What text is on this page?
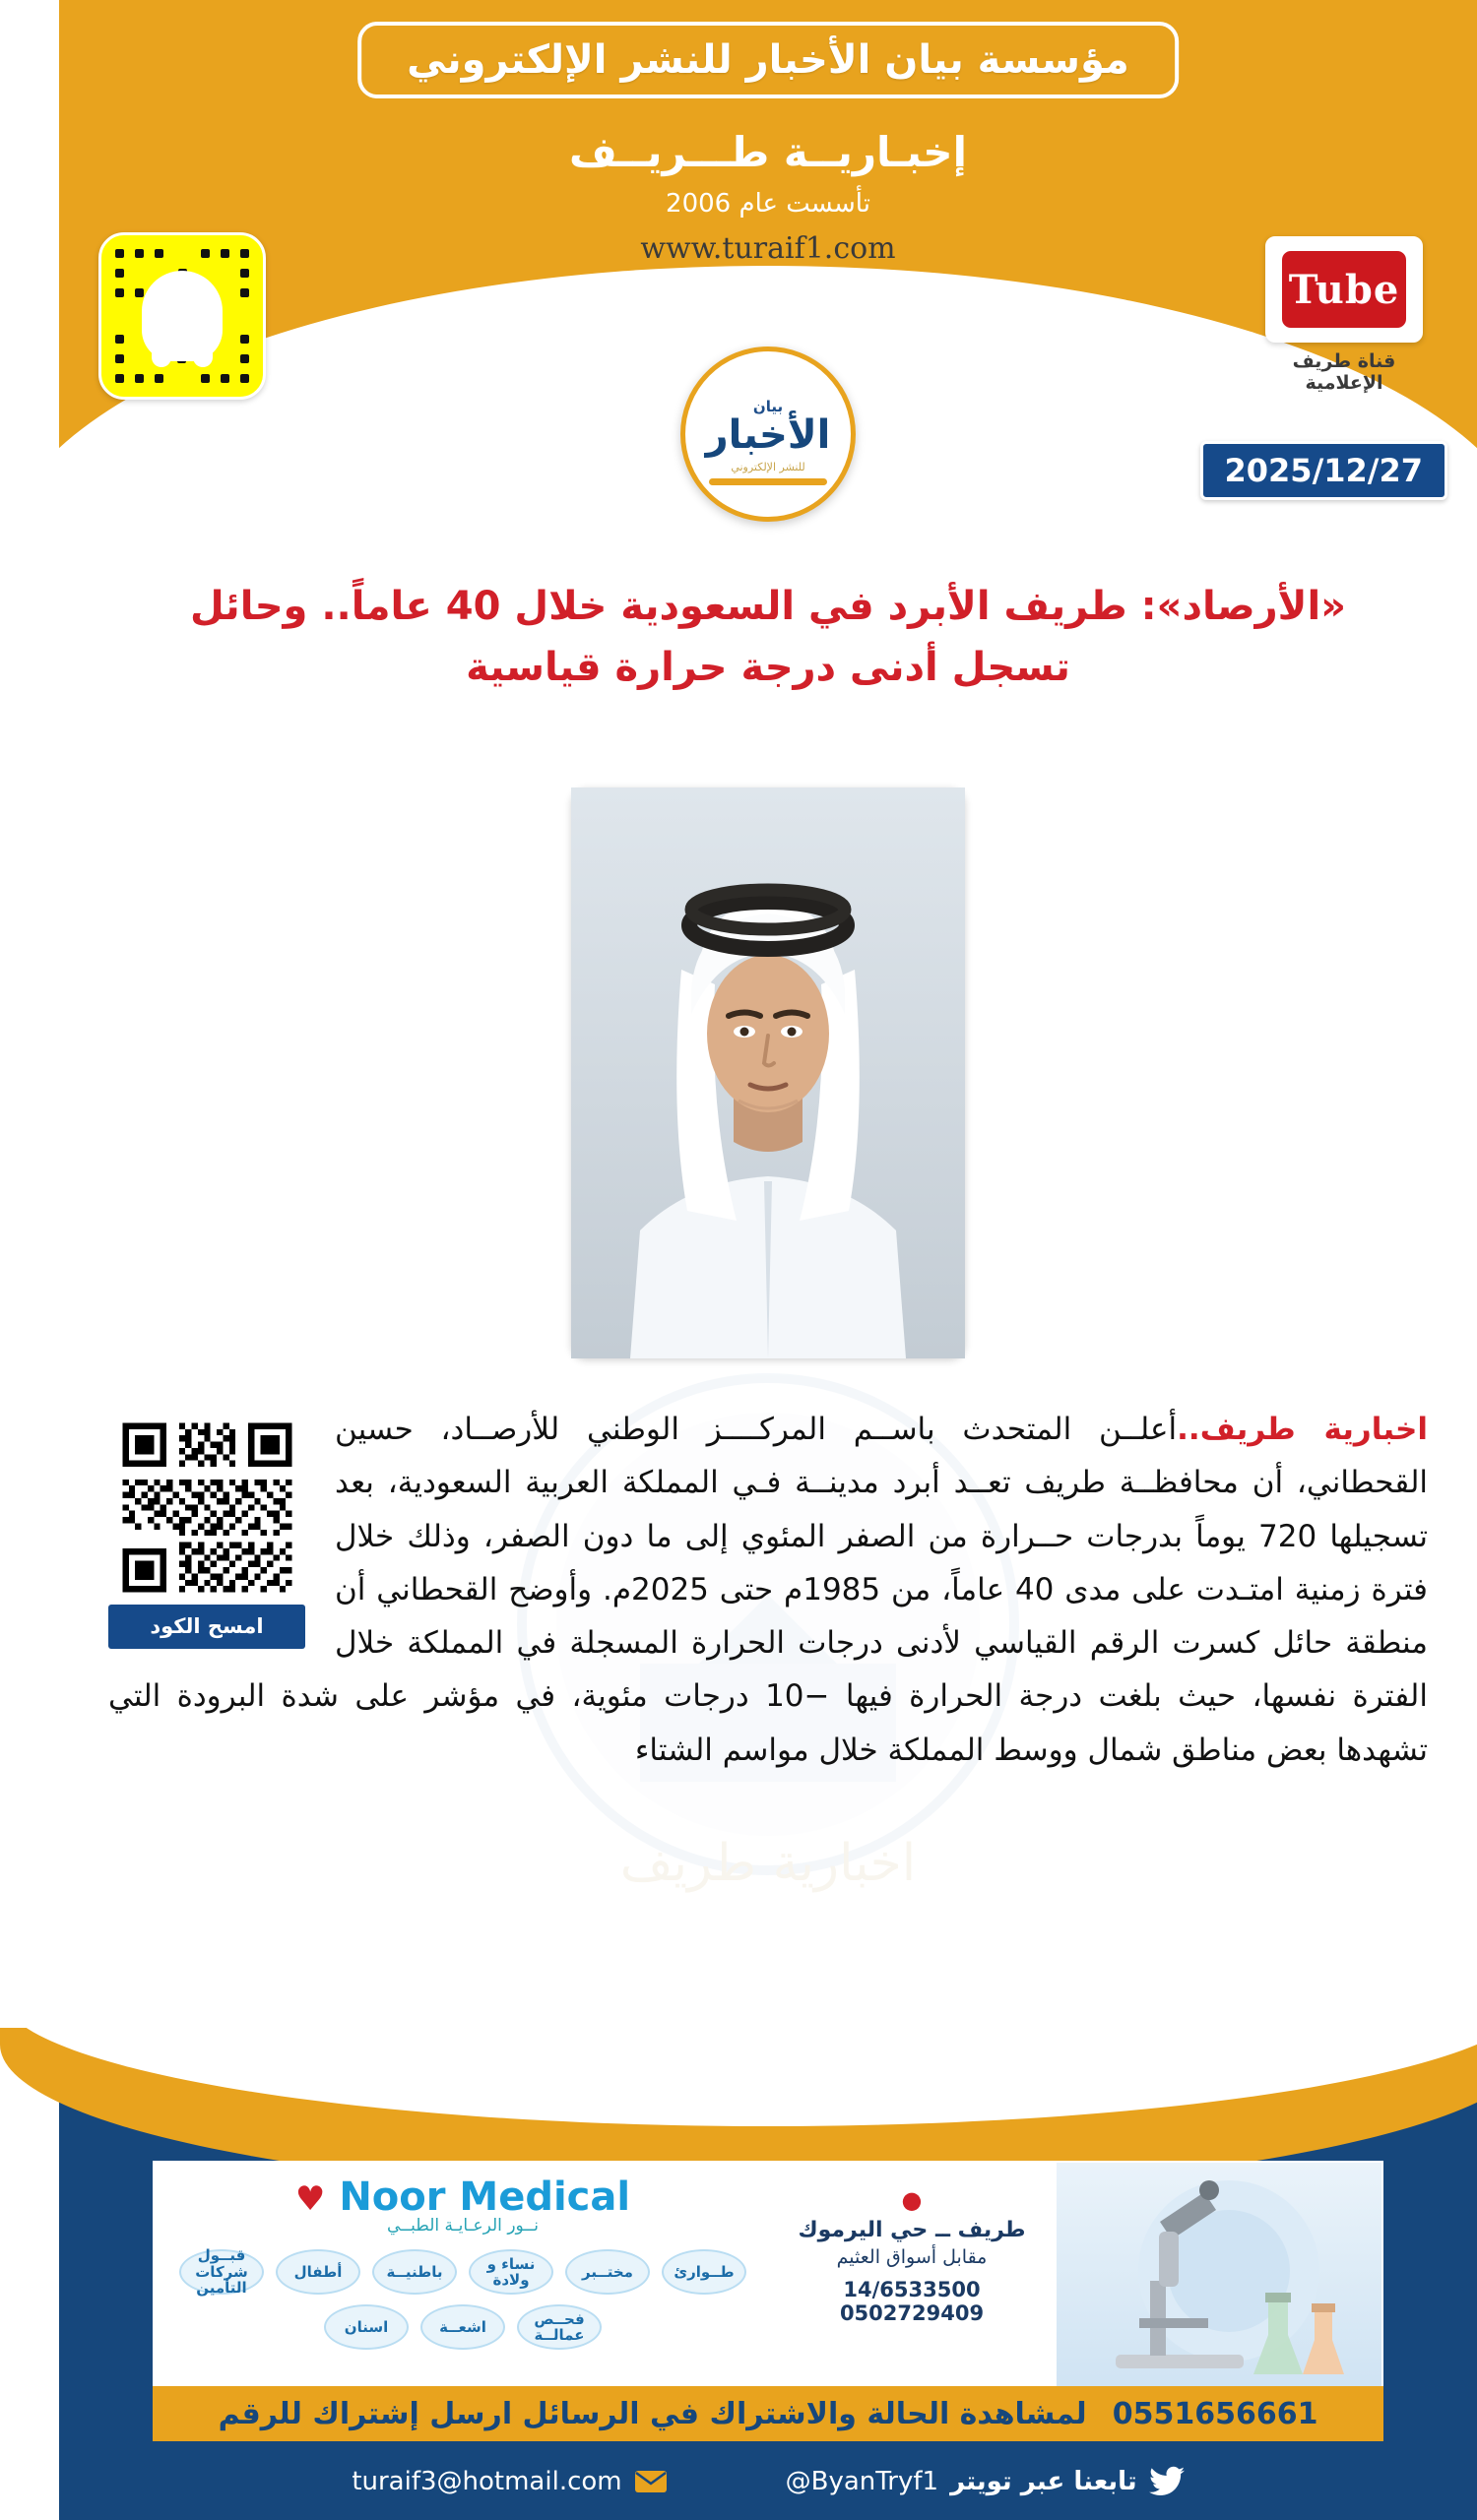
مؤسسة بيان الأخبار للنشر الإلكتروني
إخبـاريــة طـــريــف
تأسست عام 2006
www.turaif1.com
Tube
قناة طريف الإعلامية
بيان
الأخبار
للنشر الإلكتروني	2025/12/27
«الأرصاد»: طريف الأبرد في السعودية خلال 40 عاماً.. وحائل تسجل أدنى درجة حرارة قياسية
اخبارية طريف
امسح الكود
اخبارية طريف..أعلــن المتحدث باســم المركــــز الوطني للأرصــاد، حسين القحطاني، أن محافظــة طريف تعــد أبرد مدينــة فـي المملكة العربية السعودية، بعد تسجيلها 720 يوماً بدرجات حــرارة من الصفر المئوي إلى ما دون الصفر، وذلك خلال فترة زمنية امتـدت على مدى 40 عاماً، من 1985م حتى 2025م. وأوضح القحطاني أن منطقة حائل كسرت الرقم القياسي لأدنى درجات الحرارة المسجلة في المملكة خلال الفترة نفسها، حيث بلغت درجة الحرارة فيها −10 درجات مئوية، في مؤشر على شدة البرودة التي تشهدها بعض مناطق شمال ووسط المملكة خلال مواسم الشتاء
●
طريف ــ حي اليرموك
مقابل أسواق العثيم
14/6533500
0502729409
♥ Noor Medical
نــور الرعـايـة الطبــي
طــوارئ
مختــبر
نساء و ولادة
باطنيــة
أطفال
قبــول شركات التأمين
فحــص عمالــة
اشعــة
اسنان
0551656661
لمشاهدة الحالة والاشتراك في الرسائل ارسل إشتراك للرقم
تابعنا عبر تويتر
@ByanTryf1
turaif3@hotmail.com
